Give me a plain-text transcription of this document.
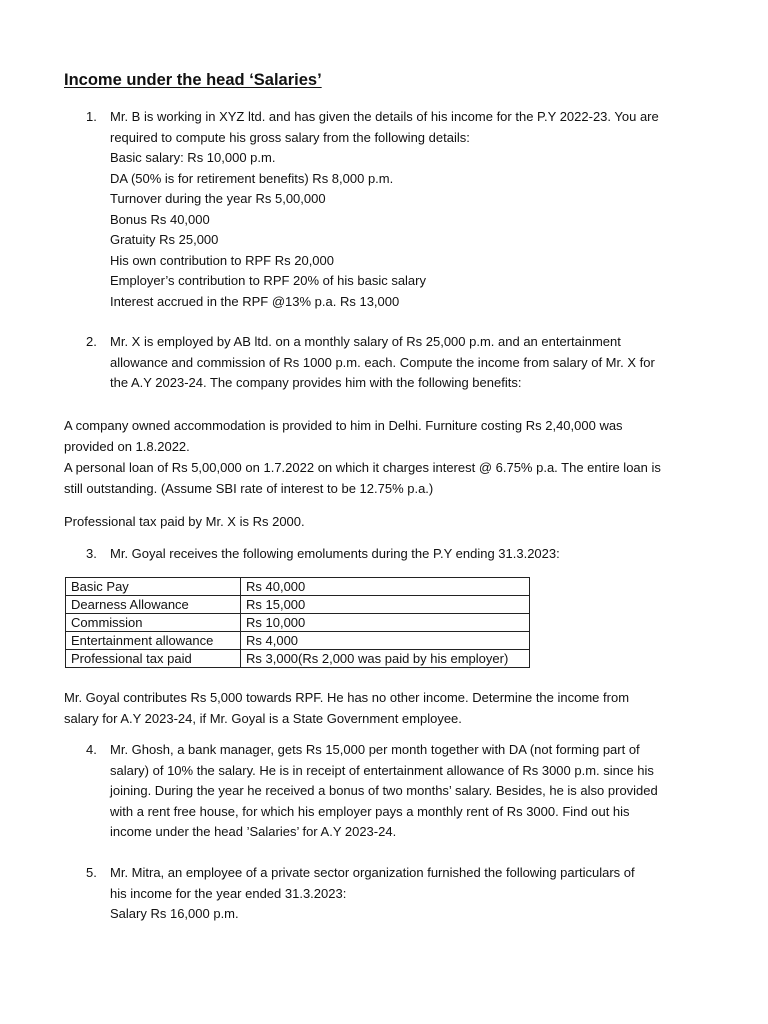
Income under the head ‘Salaries’
1.	Mr. B is working in XYZ ltd. and has given the details of his income for the P.Y 2022-23. You are
required to compute his gross salary from the following details:
Basic salary: Rs 10,000 p.m.
DA (50% is for retirement benefits) Rs 8,000 p.m.
Turnover during the year Rs 5,00,000
Bonus Rs 40,000
Gratuity Rs 25,000
His own contribution to RPF Rs 20,000
Employer’s contribution to RPF 20% of his basic salary
Interest accrued in the RPF @13% p.a. Rs 13,000
2.	Mr. X is employed by AB ltd. on a monthly salary of Rs 25,000 p.m. and an entertainment
allowance and commission of Rs 1000 p.m. each. Compute the income from salary of Mr. X for
the A.Y 2023-24. The company provides him with the following benefits:
A company owned accommodation is provided to him in Delhi. Furniture costing Rs 2,40,000 was
provided on 1.8.2022.
A personal loan of Rs 5,00,000 on 1.7.2022 on which it charges interest @ 6.75% p.a. The entire loan is
still outstanding. (Assume SBI rate of interest to be 12.75% p.a.)
Professional tax paid by Mr. X is Rs 2000.
3.	Mr. Goyal receives the following emoluments during the P.Y ending 31.3.2023:
Basic Pay	Rs 40,000
Dearness Allowance	Rs 15,000
Commission	Rs 10,000
Entertainment allowance	Rs 4,000
Professional tax paid	Rs 3,000(Rs 2,000 was paid by his employer)
Mr. Goyal contributes Rs 5,000 towards RPF. He has no other income. Determine the income from
salary for A.Y 2023-24, if Mr. Goyal is a State Government employee.
4.	Mr. Ghosh, a bank manager, gets Rs 15,000 per month together with DA (not forming part of
salary) of 10% the salary. He is in receipt of entertainment allowance of Rs 3000 p.m. since his
joining. During the year he received a bonus of two months’ salary. Besides, he is also provided
with a rent free house, for which his employer pays a monthly rent of Rs 3000. Find out his
income under the head ’Salaries’ for A.Y 2023-24.
5.	Mr. Mitra, an employee of a private sector organization furnished the following particulars of
his income for the year ended 31.3.2023:
Salary Rs 16,000 p.m.
